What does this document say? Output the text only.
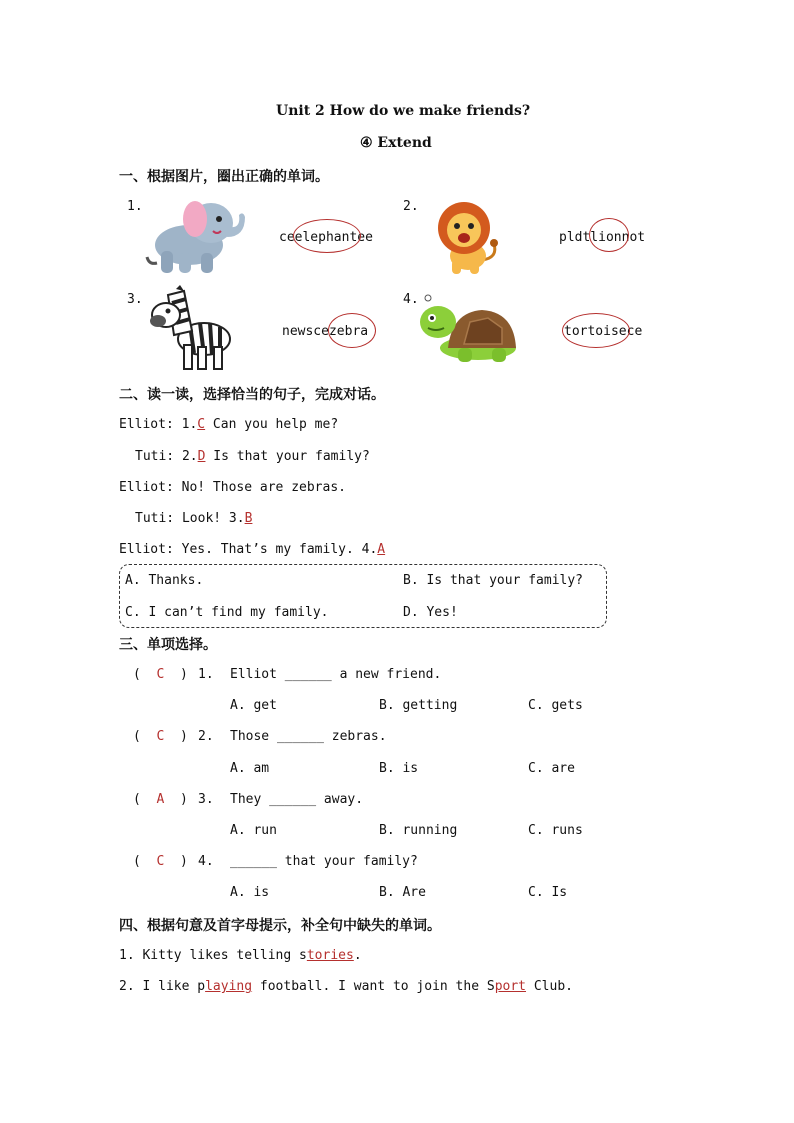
Unit 2 How do we make friends?
④ Extend
一、根据图片，圈出正确的单词。
1.
ceelephantee
2.
pldtlionnot
3.
newscezebra
4.
tortoisece
二、读一读，选择恰当的句子，完成对话。
Elliot: 1.C Can you help me?
Tuti: 2.D Is that your family?
Elliot: No! Those are zebras.
Tuti: Look! 3.B
Elliot: Yes. That’s my family. 4.A
A. Thanks.	B. Is that your family?
C. I can’t find my family.	D. Yes!
三、单项选择。
(  C  ) 1. Elliot ______ a new friend.
A. get	B. getting	C. gets
(  C  ) 2. Those ______ zebras.
A. am	B. is	C. are
(  A  ) 3. They ______ away.
A. run	B. running	C. runs
(  C  ) 4. ______ that your family?
A. is	B. Are	C. Is
四、根据句意及首字母提示，补全句中缺失的单词。
1. Kitty likes telling stories.
2. I like playing football. I want to join the Sport Club.
